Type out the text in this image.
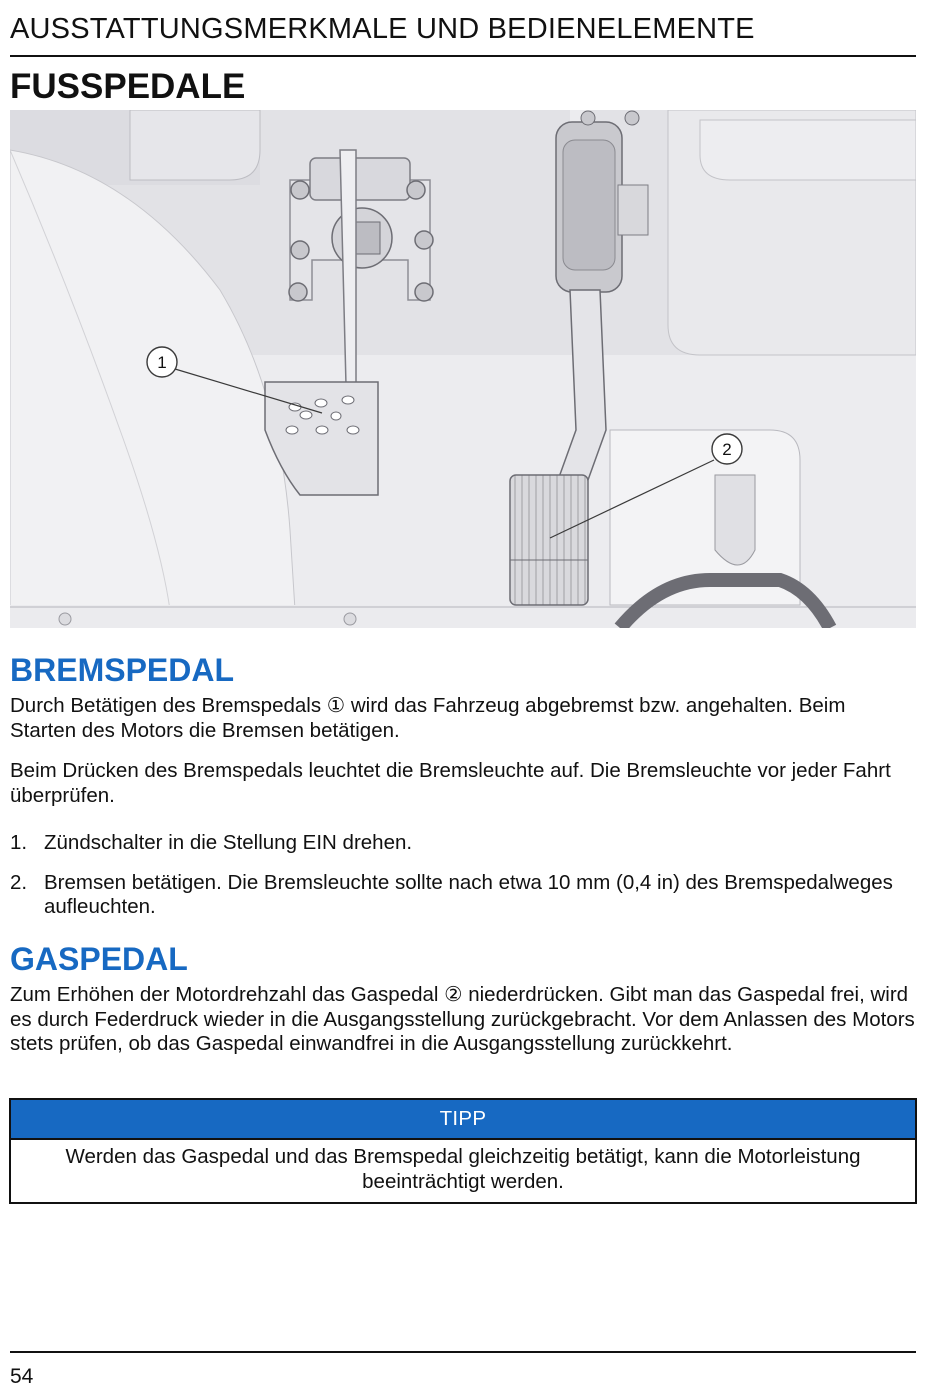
AUSSTATTUNGSMERKMALE UND BEDIENELEMENTE
FUSSPEDALE
1
2
BREMSPEDAL

Durch Betätigen des Bremspedals ① wird das Fahrzeug abgebremst bzw. angehalten. Beim Starten des Motors die Bremsen betätigen.

Beim Drücken des Bremspedals leuchtet die Bremsleuchte auf. Die Bremsleuchte vor jeder Fahrt überprüfen.

1. Zündschalter in die Stellung EIN drehen.
2. Bremsen betätigen. Die Bremsleuchte sollte nach etwa 10 mm (0,4 in) des Bremspedalweges aufleuchten.
GASPEDAL

Zum Erhöhen der Motordrehzahl das Gaspedal ② niederdrücken. Gibt man das Gaspedal frei, wird es durch Federdruck wieder in die Ausgangsstellung zurückgebracht. Vor dem Anlassen des Motors stets prüfen, ob das Gaspedal einwandfrei in die Ausgangsstellung zurückkehrt.

TIPP
Werden das Gaspedal und das Bremspedal gleichzeitig betätigt, kann die Motorleistung beeinträchtigt werden.
54
